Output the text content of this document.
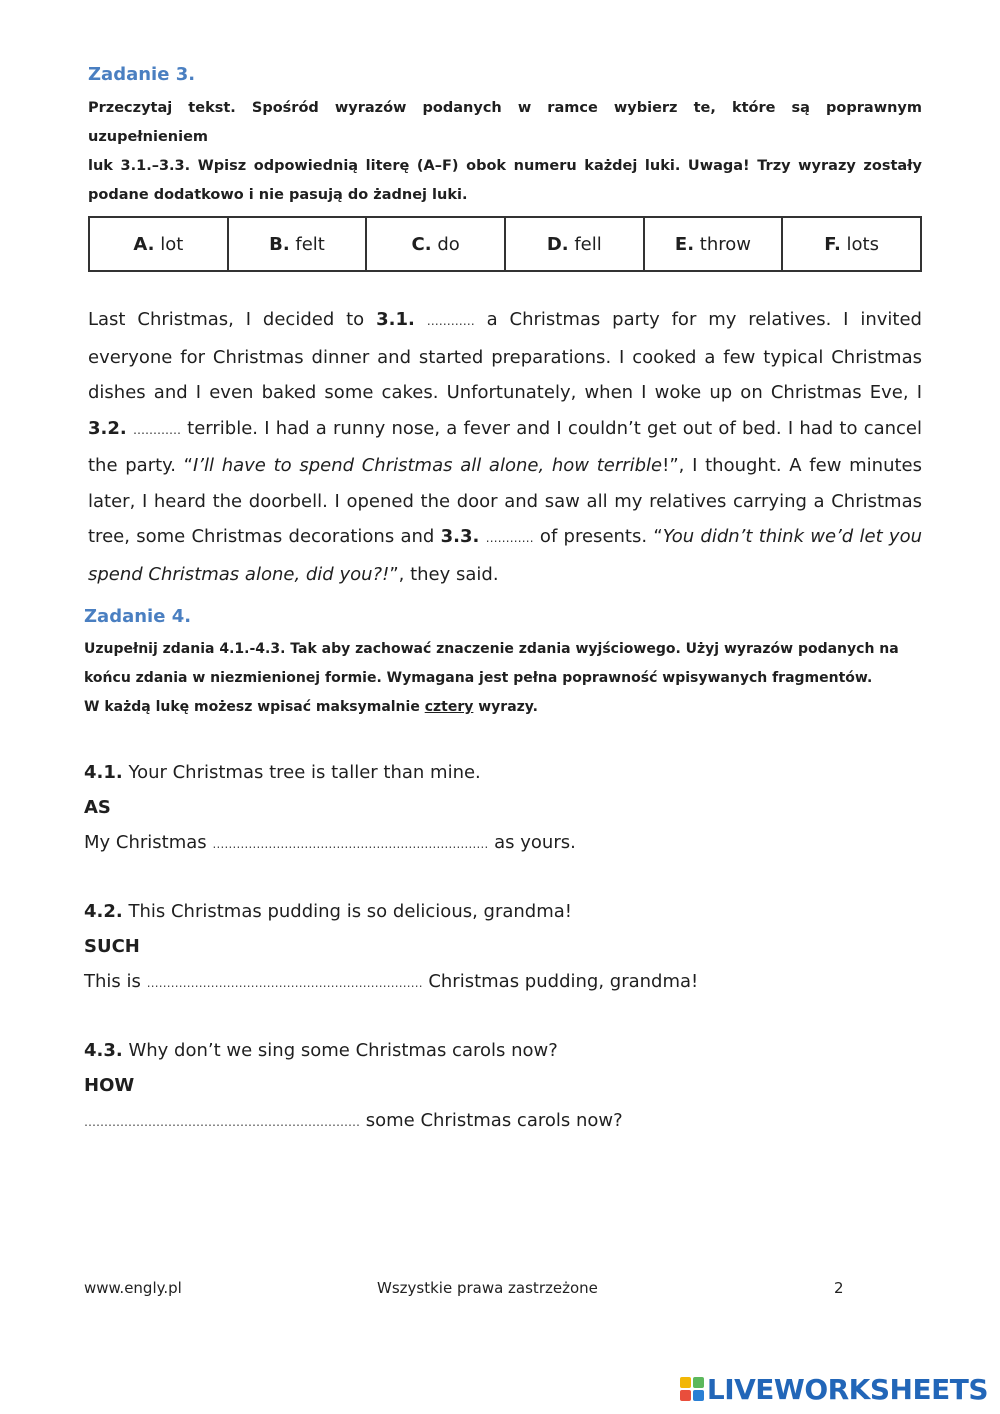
Zadanie 3.
Przeczytaj tekst. Spośród wyrazów podanych w ramce wybierz te, które są poprawnym uzupełnieniem
luk 3.1.–3.3. Wpisz odpowiednią literę (A–F) obok numeru każdej luki. Uwaga! Trzy wyrazy zostały
podane dodatkowo i nie pasują do żadnej luki.
A. lot	B. felt	C. do	D. fell	E. throw	F. lots
Last Christmas, I decided to 3.1. ………… a Christmas party for my relatives. I invited everyone for Christmas dinner and started preparations. I cooked a few typical Christmas dishes and I even baked some cakes. Unfortunately, when I woke up on Christmas Eve, I 3.2. ………… terrible. I had a runny nose, a fever and I couldn’t get out of bed. I had to cancel the party. “I’ll have to spend Christmas all alone, how terrible!”, I thought. A few minutes later, I heard the doorbell. I opened the door and saw all my relatives carrying a Christmas tree, some Christmas decorations and 3.3. ………… of presents. “You didn’t think we’d let you spend Christmas alone, did you?!”, they said.
Zadanie 4.
Uzupełnij zdania 4.1.-4.3. Tak aby zachować znaczenie zdania wyjściowego. Użyj wyrazów podanych na
końcu zdania w niezmienionej formie. Wymagana jest pełna poprawność wpisywanych fragmentów.
W każdą lukę możesz wpisać maksymalnie cztery wyrazy.
4.1. Your Christmas tree is taller than mine.
AS
My Christmas …………………………………………………………… as yours.
4.2. This Christmas pudding is so delicious, grandma!
SUCH
This is …………………………………………………………… Christmas pudding, grandma!
4.3. Why don’t we sing some Christmas carols now?
HOW
…………………………………………………………… some Christmas carols now?
www.engly.pl	Wszystkie prawa zastrzeżone	2
LIVEWORKSHEETS
